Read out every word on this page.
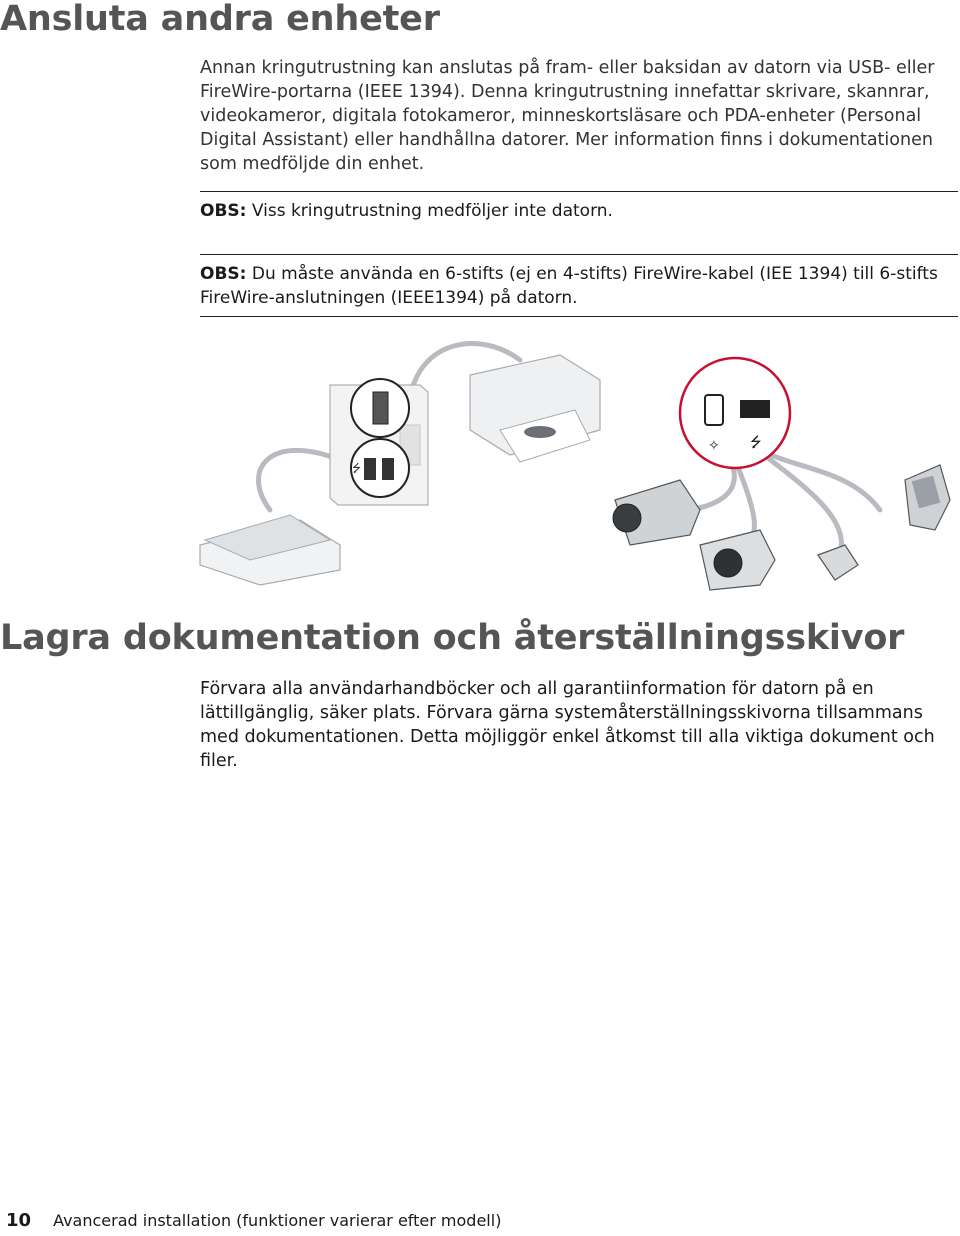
Ansluta andra enheter

Annan kringutrustning kan anslutas på fram- eller baksidan av datorn via USB- eller FireWire-portarna (IEEE 1394). Denna kringutrustning innefattar skrivare, skannrar, videokameror, digitala fotokameror, minneskortsläsare och PDA-enheter (Personal Digital Assistant) eller handhållna datorer. Mer information finns i dokumentationen som medföljde din enhet.

OBS: Viss kringutrustning medföljer inte datorn.

OBS: Du måste använda en 6-stifts (ej en 4-stifts) FireWire-kabel (IEE 1394) till 6-stifts FireWire-anslutningen (IEEE1394) på datorn.

⭍
✧ ⭍
Lagra dokumentation och återställningsskivor

Förvara alla användarhandböcker och all garantiinformation för datorn på en lättillgänglig, säker plats. Förvara gärna systemåterställningsskivorna tillsammans med dokumentationen. Detta möjliggör enkel åtkomst till alla viktiga dokument och filer.

10 Avancerad installation (funktioner varierar efter modell)
